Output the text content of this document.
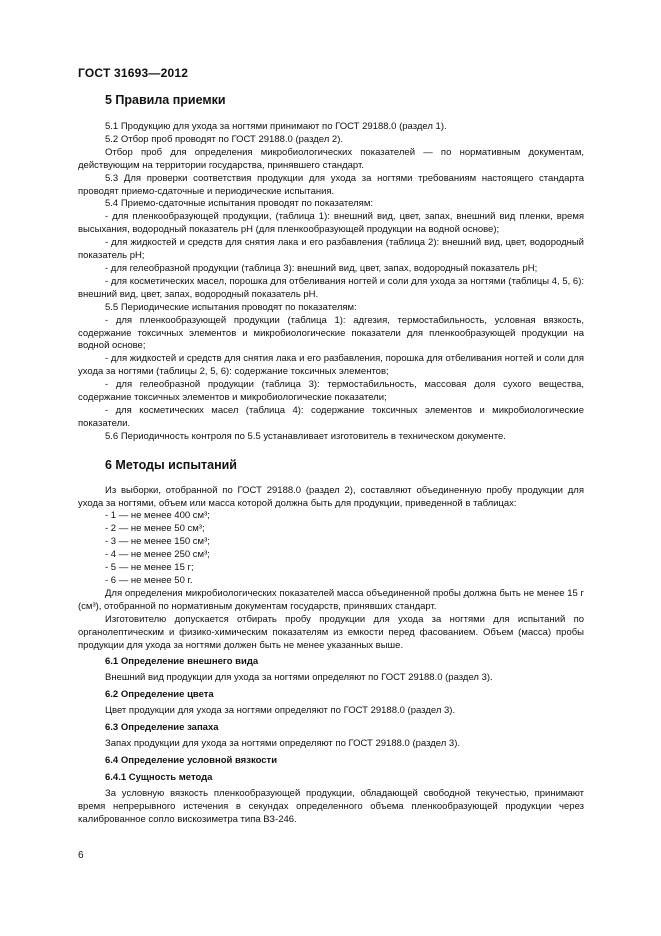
ГОСТ 31693—2012
5 Правила приемки

5.1 Продукцию для ухода за ногтями принимают по ГОСТ 29188.0 (раздел 1).

5.2 Отбор проб проводят по ГОСТ 29188.0 (раздел 2).

Отбор проб для определения микробиологических показателей — по нормативным документам, действующим на территории государства, принявшего стандарт.

5.3 Для проверки соответствия продукции для ухода за ногтями требованиям настоящего стандарта проводят приемо-сдаточные и периодические испытания.

5.4 Приемо-сдаточные испытания проводят по показателям:

- для пленкообразующей продукции, (таблица 1): внешний вид, цвет, запах, внешний вид пленки, время высыхания, водородный показатель pH (для пленкообразующей продукции на водной основе);

- для жидкостей и средств для снятия лака и его разбавления (таблица 2): внешний вид, цвет, водородный показатель pH;

- для гелеобразной продукции (таблица 3): внешний вид, цвет, запах, водородный показатель pH;

- для косметических масел, порошка для отбеливания ногтей и соли для ухода за ногтями (таблицы 4, 5, 6): внешний вид, цвет, запах, водородный показатель pH.

5.5 Периодические испытания проводят по показателям:

- для пленкообразующей продукции (таблица 1): адгезия, термостабильность, условная вязкость, содержание токсичных элементов и микробиологические показатели для пленкообразующей продукции на водной основе;

- для жидкостей и средств для снятия лака и его разбавления, порошка для отбеливания ногтей и соли для ухода за ногтями (таблицы 2, 5, 6): содержание токсичных элементов;

- для гелеобразной продукции (таблица 3): термостабильность, массовая доля сухого вещества, содержание токсичных элементов и микробиологические показатели;

- для косметических масел (таблица 4): содержание токсичных элементов и микробиологические показатели.

5.6 Периодичность контроля по 5.5 устанавливает изготовитель в техническом документе.

6 Методы испытаний

Из выборки, отобранной по ГОСТ 29188.0 (раздел 2), составляют объединенную пробу продукции для ухода за ногтями, объем или масса которой должна быть для продукции, приведенной в таблицах:

- 1 — не менее 400 см³;

- 2 — не менее 50 см³;

- 3 — не менее 150 см³;

- 4 — не менее 250 см³;

- 5 — не менее 15 г;

- 6 — не менее 50 г.

Для определения микробиологических показателей масса объединенной пробы должна быть не менее 15 г (см³), отобранной по нормативным документам государств, принявших стандарт.

Изготовителю допускается отбирать пробу продукции для ухода за ногтями для испытаний по органолептическим и физико-химическим показателям из емкости перед фасованием. Объем (масса) пробы продукции для ухода за ногтями должен быть не менее указанных выше.

6.1 Определение внешнего вида

Внешний вид продукции для ухода за ногтями определяют по ГОСТ 29188.0 (раздел 3).

6.2 Определение цвета

Цвет продукции для ухода за ногтями определяют по ГОСТ 29188.0 (раздел 3).

6.3 Определение запаха

Запах продукции для ухода за ногтями определяют по ГОСТ 29188.0 (раздел 3).

6.4 Определение условной вязкости
6.4.1 Сущность метода

За условную вязкость пленкообразующей продукции, обладающей свободной текучестью, принимают время непрерывного истечения в секундах определенного объема пленкообразующей продукции через калиброванное сопло вискозиметра типа ВЗ-246.

6
